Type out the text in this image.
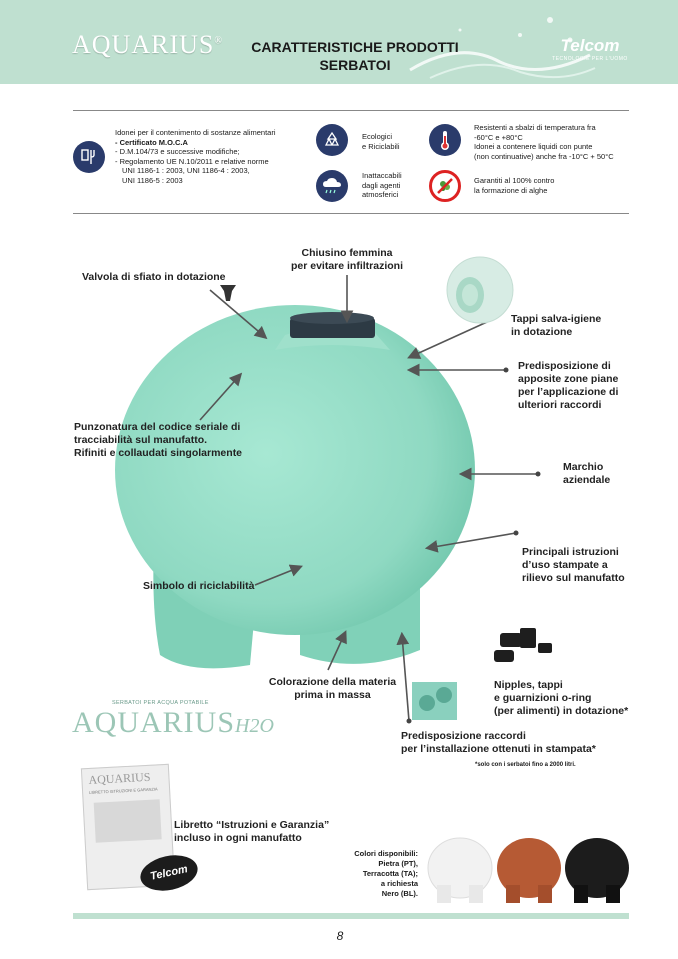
AQUARIUS®	CARATTERISTICHE PRODOTTI
SERBATOI
Telcom
TECNOLOGIE PER L'UOMO
Idonei per il contenimento di sostanze alimentari
- Certificato M.O.C.A
- D.M.104/73 e successive modifiche;
- Regolamento UE N.10/2011 e relative norme
UNI 1186-1 : 2003, UNI 1186-4 : 2003,
UNI 1186-5 : 2003
Ecologici
e Riciclabili
Inattaccabili
dagli agenti
atmosferici
Resistenti a sbalzi di temperatura fra
-60°C e +80°C
Idonei a contenere liquidi con punte
(non continuative) anche fra -10°C + 50°C
Garantiti al 100% contro
la formazione di alghe
Valvola di sfiato in dotazione
Chiusino femmina
per evitare infiltrazioni
Tappi salva-igiene
in dotazione
Predisposizione di
apposite zone piane
per l’applicazione di
ulteriori raccordi
Punzonatura del codice seriale di
tracciabilità sul manufatto.
Rifiniti e collaudati singolarmente
Marchio
aziendale
Principali istruzioni
d’uso stampate a
rilievo sul manufatto
Simbolo di riciclabilità
Colorazione della materia
prima in massa
Nipples, tappi
e guarnizioni o-ring
(per alimenti) in dotazione*
Predisposizione raccordi
per l’installazione ottenuti in stampata*
*solo con i serbatoi fino a 2000 litri.
SERBATOI PER ACQUA POTABILE
AQUARIUSH2O
AQUARIUS
LIBRETTO ISTRUZIONI E GARANZIA
Telcom
Libretto “Istruzioni e Garanzia”
incluso in ogni manufatto
Colori disponibili:
Pietra (PT),
Terracotta (TA);
a richiesta
Nero (BL).
8
